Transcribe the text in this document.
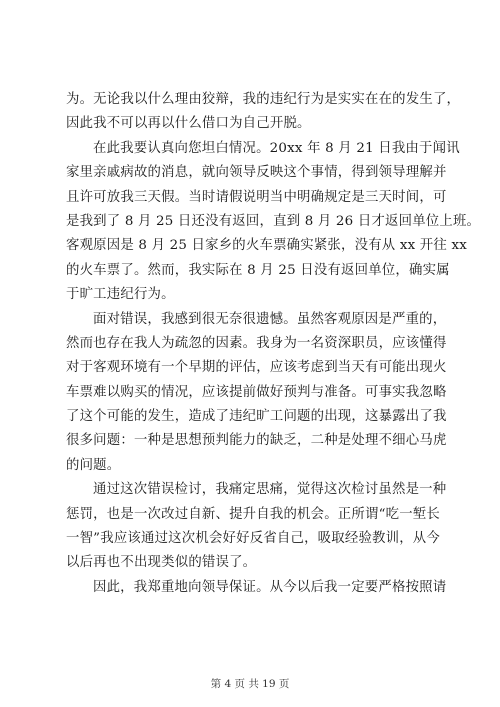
为。无论我以什么理由狡辩，我的违纪行为是实实在在的发生了，
因此我不可以再以什么借口为自己开脱。
在此我要认真向您坦白情况。20xx 年 8 月 21 日我由于闻讯
家里亲戚病故的消息，就向领导反映这个事情，得到领导理解并
且许可放我三天假。当时请假说明当中明确规定是三天时间，可
是我到了 8 月 25 日还没有返回，直到 8 月 26 日才返回单位上班。
客观原因是 8 月 25 日家乡的火车票确实紧张，没有从 xx 开往 xx
的火车票了。然而，我实际在 8 月 25 日没有返回单位，确实属
于旷工违纪行为。
面对错误，我感到很无奈很遗憾。虽然客观原因是严重的，
然而也存在我人为疏忽的因素。我身为一名资深职员，应该懂得
对于客观环境有一个早期的评估，应该考虑到当天有可能出现火
车票难以购买的情况，应该提前做好预判与准备。可事实我忽略
了这个可能的发生，造成了违纪旷工问题的出现，这暴露出了我
很多问题：一种是思想预判能力的缺乏，二种是处理不细心马虎
的问题。
通过这次错误检讨，我痛定思痛，觉得这次检讨虽然是一种
惩罚，也是一次改过自新、提升自我的机会。正所谓“吃一堑长
一智”我应该通过这次机会好好反省自己，吸取经验教训，从今
以后再也不出现类似的错误了。
因此，我郑重地向领导保证。从今以后我一定要严格按照请
第 4 页 共 19 页
